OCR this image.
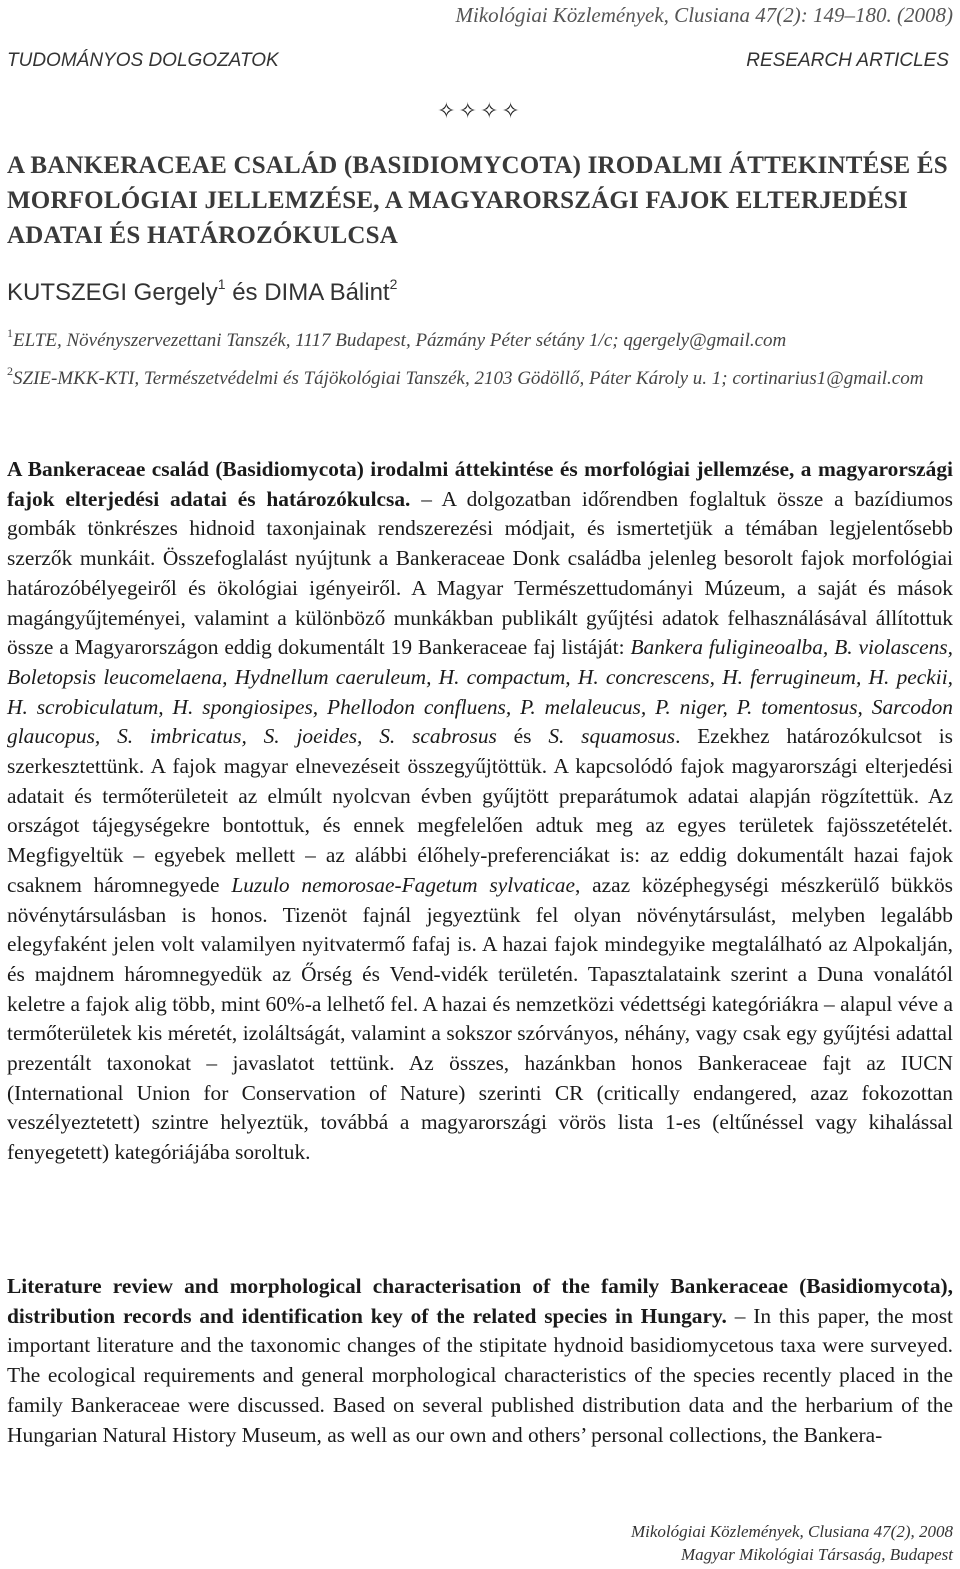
Mikológiai Közlemények, Clusiana 47(2): 149–180. (2008)
TUDOMÁNYOS DOLGOZATOK	RESEARCH ARTICLES
✧✧✧✧
A BANKERACEAE CSALÁD (BASIDIOMYCOTA) IRODALMI ÁTTEKINTÉSE ÉS MORFOLÓGIAI JELLEMZÉSE, A MAGYARORSZÁGI FAJOK ELTERJEDÉSI ADATAI ÉS HATÁROZÓKULCSA
KUTSZEGI Gergely$^1$ és DIMA Bálint$^2$
$^1$ELTE, Növényszervezettani Tanszék, 1117 Budapest, Pázmány Péter sétány 1/c; qgergely@gmail.com
$^2$SZIE-MKK-KTI, Természetvédelmi és Tájökológiai Tanszék, 2103 Gödöllő, Páter Károly u. 1; cortinarius1@gmail.com
A Bankeraceae család (Basidiomycota) irodalmi áttekintése és morfológiai jellemzése, a magyarországi fajok elterjedési adatai és határozókulcsa. – A dolgozatban időrendben foglaltuk össze a bazídiumos gombák tönkrészes hidnoid taxonjainak rendszerezési módjait, és ismertetjük a témában legjelentősebb szerzők munkáit. Összefoglalást nyújtunk a Bankeraceae Donk családba jelenleg besorolt fajok morfológiai határozóbélyegeiről és ökológiai igényeiről. A Magyar Természettudományi Múzeum, a saját és mások magángyűjteményei, valamint a különböző munkákban publikált gyűjtési adatok felhasználásával állítottuk össze a Magyarországon eddig dokumentált 19 Bankeraceae faj listáját: Bankera fuligineoalba, B. violascens, Boletopsis leucomelaena, Hydnellum caeruleum, H. compactum, H. concrescens, H. ferrugineum, H. peckii, H. scrobiculatum, H. spongiosipes, Phellodon confluens, P. melaleucus, P. niger, P. tomentosus, Sarcodon glaucopus, S. imbricatus, S. joeides, S. scabrosus és S. squamosus. Ezekhez határozókulcsot is szerkesztettünk. A fajok magyar elnevezéseit összegyűjtöttük. A kapcsolódó fajok magyarországi elterjedési adatait és termőterületeit az elmúlt nyolcvan évben gyűjtött preparátumok adatai alapján rögzítettük. Az országot tájegységekre bontottuk, és ennek megfelelően adtuk meg az egyes területek fajösszetételét. Megfigyeltük – egyebek mellett – az alábbi élőhely-preferenciákat is: az eddig dokumentált hazai fajok csaknem háromnegyede Luzulo nemorosae-Fagetum sylvaticae, azaz középhegységi mészkerülő bükkös növénytársulásban is honos. Tizenöt fajnál jegyeztünk fel olyan növénytársulást, melyben legalább elegyfaként jelen volt valamilyen nyitvatermő fafaj is. A hazai fajok mindegyike megtalálható az Alpokalján, és majdnem háromnegyedük az Őrség és Vend-vidék területén. Tapasztalataink szerint a Duna vonalától keletre a fajok alig több, mint 60%-a lelhető fel. A hazai és nemzetközi védettségi kategóriákra – alapul véve a termőterületek kis méretét, izoláltságát, valamint a sokszor szórványos, néhány, vagy csak egy gyűjtési adattal prezentált taxonokat – javaslatot tettünk. Az összes, hazánkban honos Bankeraceae fajt az IUCN (International Union for Conservation of Nature) szerinti CR (critically endangered, azaz fokozottan veszélyeztetett) szintre helyeztük, továbbá a magyarországi vörös lista 1-es (eltűnéssel vagy kihalással fenyegetett) kategóriájába soroltuk.
Literature review and morphological characterisation of the family Bankeraceae (Basidiomycota), distribution records and identification key of the related species in Hungary. – In this paper, the most important literature and the taxonomic changes of the stipitate hydnoid basidiomycetous taxa were surveyed. The ecological requirements and general morphological characteristics of the species recently placed in the family Bankeraceae were discussed. Based on several published distribution data and the herbarium of the Hungarian Natural History Museum, as well as our own and others’ personal collections, the Bankera-
Mikológiai Közlemények, Clusiana 47(2), 2008
Magyar Mikológiai Társaság, Budapest
